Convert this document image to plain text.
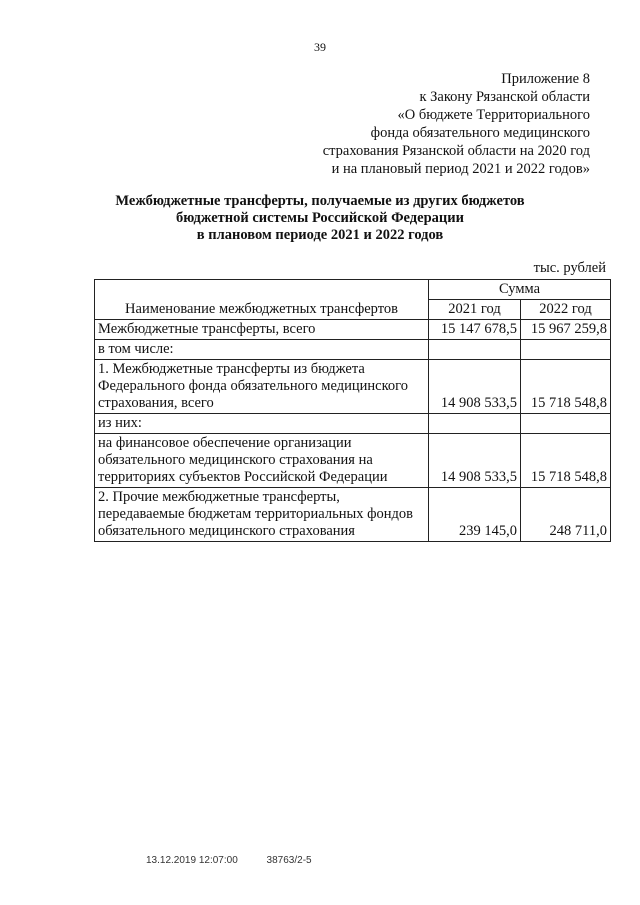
39
Приложение 8
к Закону Рязанской области
«О бюджете Территориального
фонда обязательного медицинского
страхования Рязанской области на 2020 год
и на плановый период 2021 и 2022 годов»
Межбюджетные трансферты, получаемые из других бюджетов
бюджетной системы Российской Федерации
в плановом периоде 2021 и 2022 годов
тыс. рублей
Наименование межбюджетных трансфертов	Сумма	
	2021 год	2022 год
Межбюджетные трансферты, всего	15 147 678,5	15 967 259,8
в том числе:		
1. Межбюджетные трансферты из бюджета Федерального фонда обязательного медицинского страхования, всего	14 908 533,5	15 718 548,8
из них:		
на финансовое обеспечение организации обязательного медицинского страхования на территориях субъектов Российской Федерации	14 908 533,5	15 718 548,8
2. Прочие межбюджетные трансферты, передаваемые бюджетам территориальных фондов обязательного медицинского страхования	239 145,0	248 711,0
13.12.2019 12:07:00	38763/2-5
